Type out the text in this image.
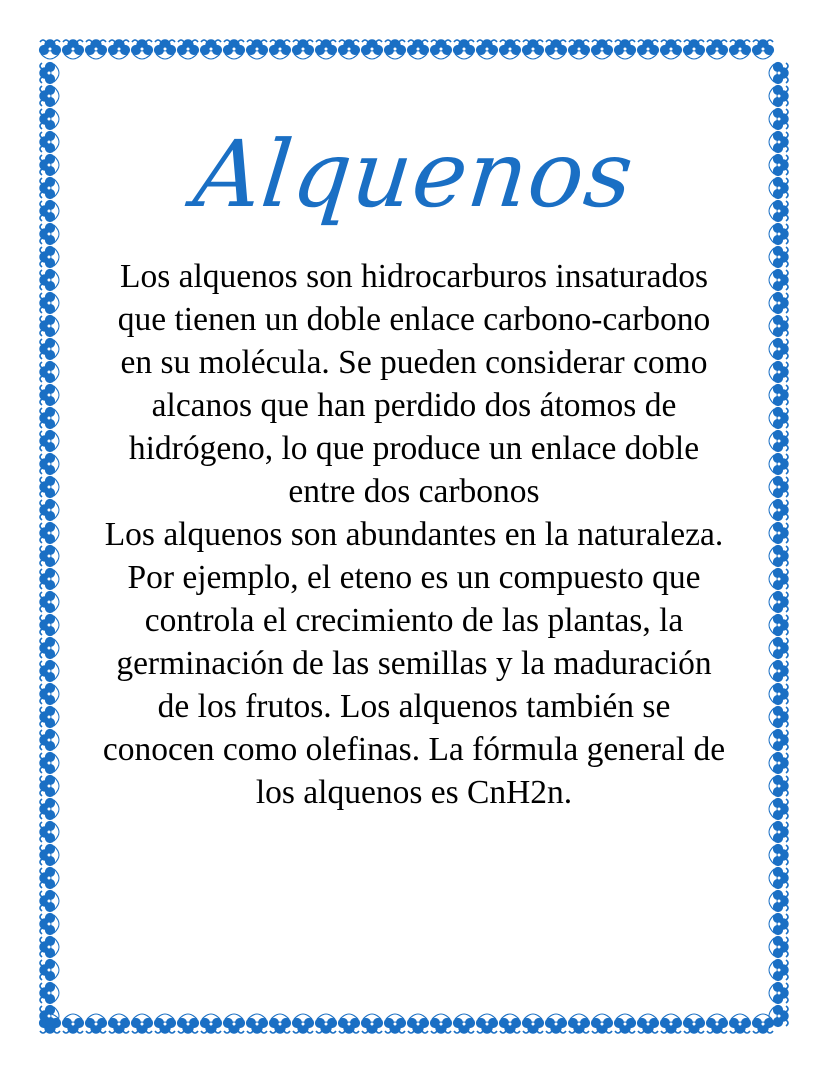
Alquenos

Los alquenos son hidrocarburos insaturados que tienen un doble enlace carbono-carbono en su molécula. Se pueden considerar como alcanos que han perdido dos átomos de hidrógeno, lo que produce un enlace doble entre dos carbonos

Los alquenos son abundantes en la naturaleza. Por ejemplo, el eteno es un compuesto que controla el crecimiento de las plantas, la germinación de las semillas y la maduración de los frutos. Los alquenos también se conocen como olefinas. La fórmula general de los alquenos es CnH2n.
